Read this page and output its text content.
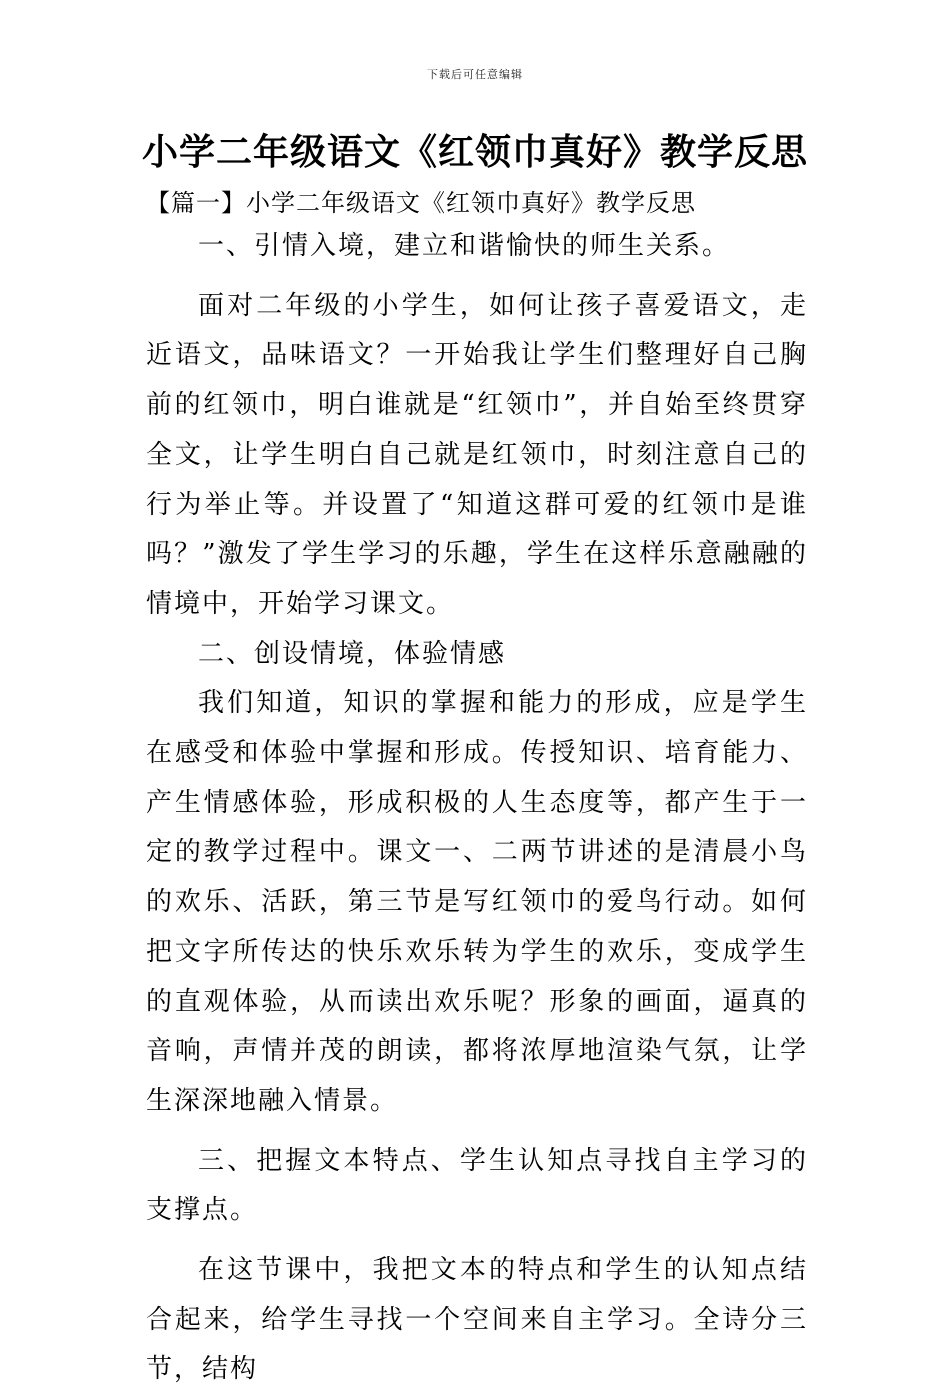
下载后可任意编辑
小学二年级语文《红领巾真好》教学反思
【篇一】小学二年级语文《红领巾真好》教学反思

一、引情入境，建立和谐愉快的师生关系。

面对二年级的小学生，如何让孩子喜爱语文，走近语文，品味语文？一开始我让学生们整理好自己胸前的红领巾，明白谁就是“红领巾”，并自始至终贯穿全文，让学生明白自己就是红领巾，时刻注意自己的行为举止等。并设置了“知道这群可爱的红领巾是谁吗？”激发了学生学习的乐趣，学生在这样乐意融融的情境中，开始学习课文。

二、创设情境，体验情感

我们知道，知识的掌握和能力的形成，应是学生在感受和体验中掌握和形成。传授知识、培育能力、产生情感体验，形成积极的人生态度等，都产生于一定的教学过程中。课文一、二两节讲述的是清晨小鸟的欢乐、活跃，第三节是写红领巾的爱鸟行动。如何把文字所传达的快乐欢乐转为学生的欢乐，变成学生的直观体验，从而读出欢乐呢？形象的画面，逼真的音响，声情并茂的朗读，都将浓厚地渲染气氛，让学生深深地融入情景。

三、把握文本特点、学生认知点寻找自主学习的支撑点。

在这节课中，我把文本的特点和学生的认知点结合起来，给学生寻找一个空间来自主学习。全诗分三节，结构
